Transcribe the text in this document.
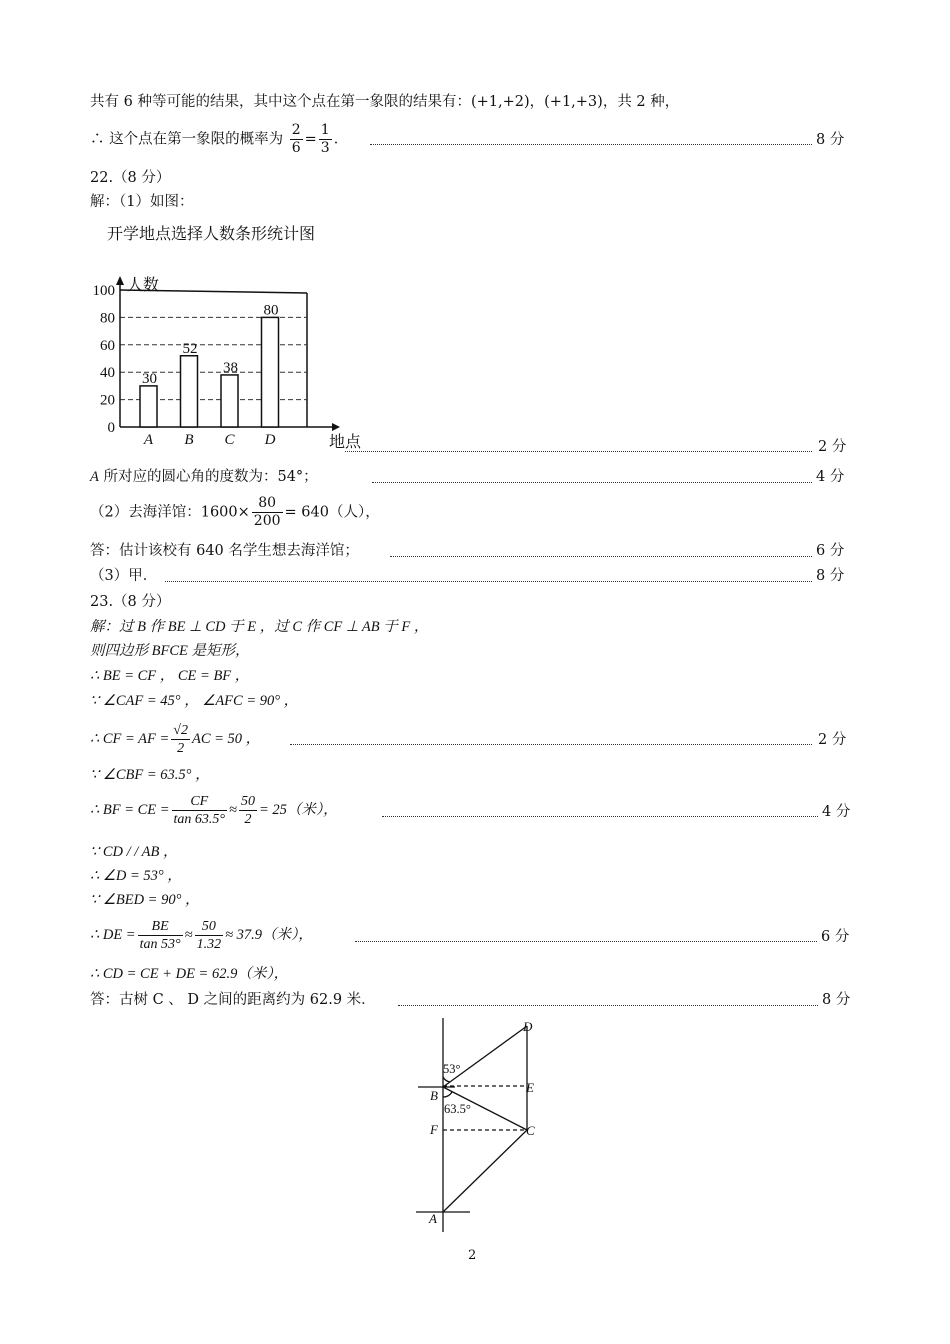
共有 6 种等可能的结果，其中这个点在第一象限的结果有：(+1,+2)，(+1,+3)，共 2 种，
∴ 这个点在第一象限的概率为 $\frac{2}{6} = \frac{1}{3}$ ．	8 分
22.（8 分）
解：（1）如图：
开学地点选择人数条形统计图
0
20
40
60
80
100 人数
地点
30
A
52
B
38
C
80
D	2 分
A 所对应的圆心角的度数为：54°；	4 分
（2）去海洋馆：$1600\times \frac{80}{200} = 640$（人），
答：估计该校有 640 名学生想去海洋馆；	6 分
（3）甲．	8 分
23.（8 分）
解：过 B 作 BE ⊥ CD 于 E ，过 C 作 CF ⊥ AB 于 F ，
则四边形 BFCE 是矩形，
∴ BE = CF ， CE = BF ，
∵ ∠CAF = 45° ， ∠AFC = 90° ，
∴ CF = AF = $\frac{√2}{2}$ AC = 50 ，	2 分
∵ ∠CBF = 63.5° ，
∴ BF = CE = $\frac{CF}{\tan 63.5^\circ} \approx \frac{50}{2} = 25$（米），	4 分
∵ CD / / AB ，
∴ ∠D = 53° ，
∵ ∠BED = 90° ，
∴ DE = $\frac{BE}{\tan 53^\circ} \approx \frac{50}{1.32} \approx 37.9$（米），	6 分
∴ CD = CE + DE = 62.9（米），
答：古树 C 、 D 之间的距离约为 62.9 米．	8 分
D
B
E
F	C
A
53°
63.5°
2
